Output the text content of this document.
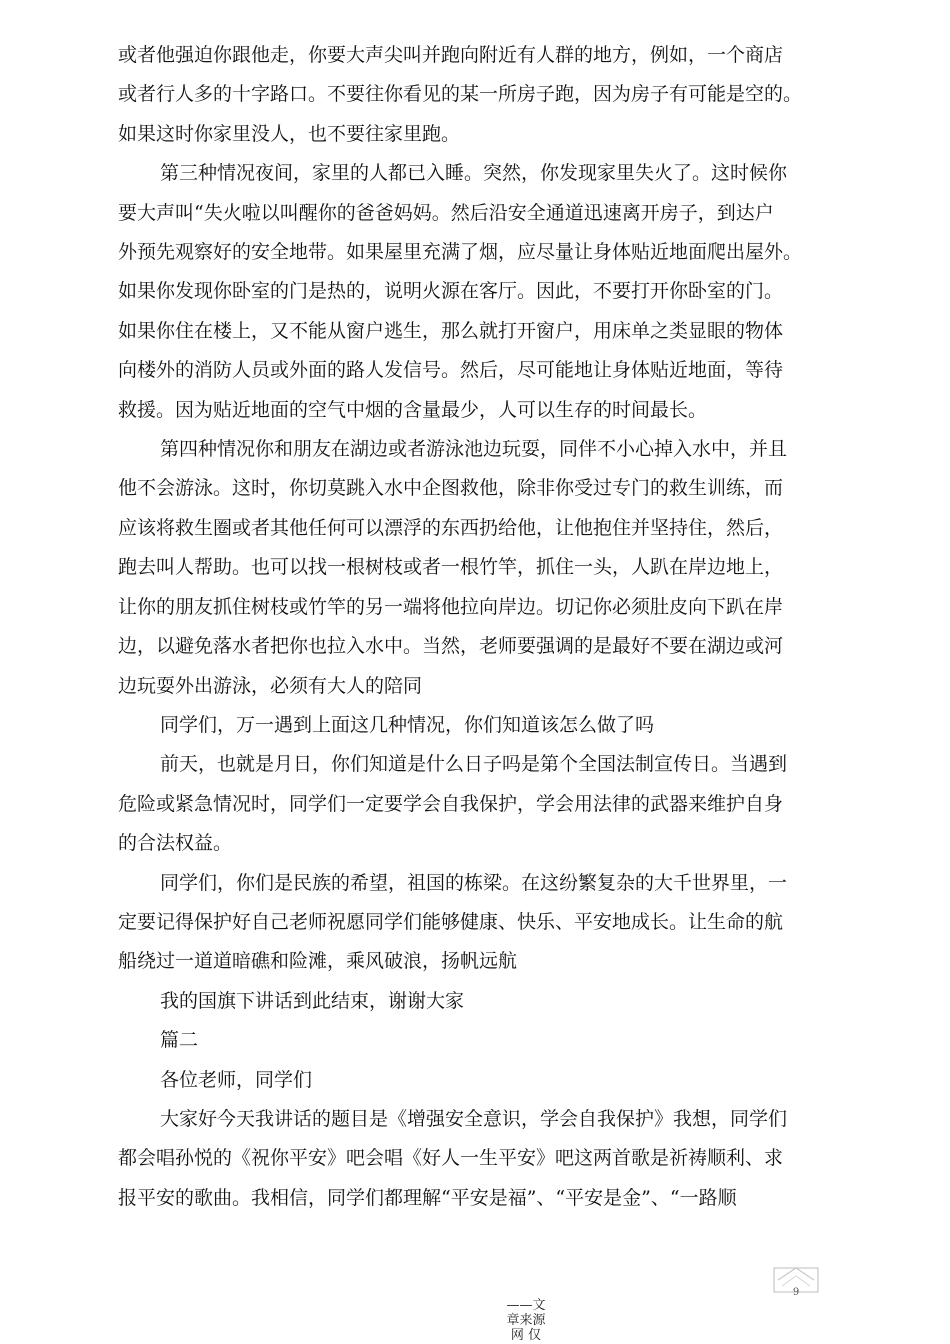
或者他强迫你跟他走，你要大声尖叫并跑向附近有人群的地方，例如，一个商店
或者行人多的十字路口。不要往你看见的某一所房子跑，因为房子有可能是空的。
如果这时你家里没人，也不要往家里跑。
第三种情况夜间，家里的人都已入睡。突然，你发现家里失火了。这时候你
要大声叫“失火啦以叫醒你的爸爸妈妈。然后沿安全通道迅速离开房子，到达户
外预先观察好的安全地带。如果屋里充满了烟，应尽量让身体贴近地面爬出屋外。
如果你发现你卧室的门是热的，说明火源在客厅。因此，不要打开你卧室的门。
如果你住在楼上，又不能从窗户逃生，那么就打开窗户，用床单之类显眼的物体
向楼外的消防人员或外面的路人发信号。然后，尽可能地让身体贴近地面，等待
救援。因为贴近地面的空气中烟的含量最少，人可以生存的时间最长。
第四种情况你和朋友在湖边或者游泳池边玩耍，同伴不小心掉入水中，并且
他不会游泳。这时，你切莫跳入水中企图救他，除非你受过专门的救生训练，而
应该将救生圈或者其他任何可以漂浮的东西扔给他，让他抱住并坚持住，然后，
跑去叫人帮助。也可以找一根树枝或者一根竹竿，抓住一头，人趴在岸边地上，
让你的朋友抓住树枝或竹竿的另一端将他拉向岸边。切记你必须肚皮向下趴在岸
边，以避免落水者把你也拉入水中。当然，老师要强调的是最好不要在湖边或河
边玩耍外出游泳，必须有大人的陪同
同学们，万一遇到上面这几种情况，你们知道该怎么做了吗
前天，也就是月日，你们知道是什么日子吗是第个全国法制宣传日。当遇到
危险或紧急情况时，同学们一定要学会自我保护，学会用法律的武器来维护自身
的合法权益。
同学们，你们是民族的希望，祖国的栋梁。在这纷繁复杂的大千世界里，一
定要记得保护好自己老师祝愿同学们能够健康、快乐、平安地成长。让生命的航
船绕过一道道暗礁和险滩，乘风破浪，扬帆远航
我的国旗下讲话到此结束，谢谢大家
篇二
各位老师，同学们
大家好今天我讲话的题目是《增强安全意识，学会自我保护》我想，同学们
都会唱孙悦的《祝你平安》吧会唱《好人一生平安》吧这两首歌是祈祷顺利、求
报平安的歌曲。我相信，同学们都理解“平安是福”、“平安是金”、“一路顺
9
——文
章来源
网 仅
